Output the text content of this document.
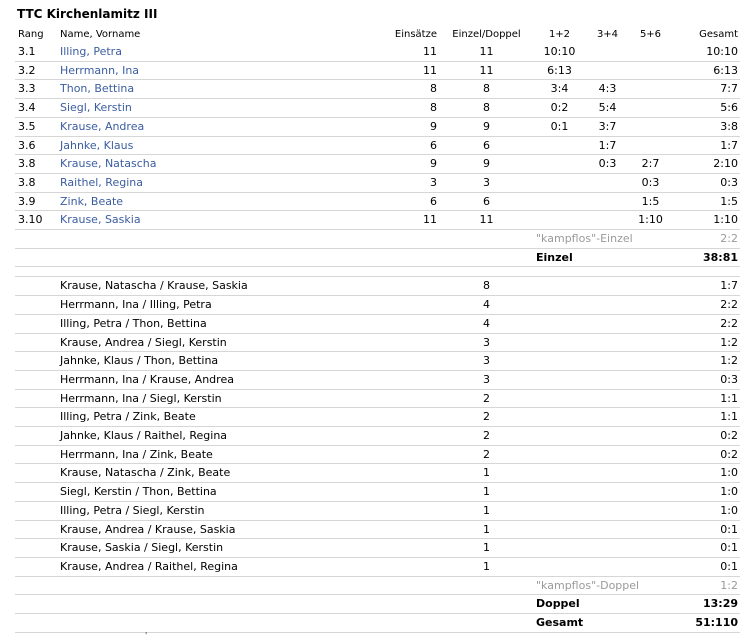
TTC Kirchenlamitz III
Rang	Name, Vorname	Einsätze	Einzel/Doppel	1+2	3+4	5+6	Gesamt
3.1	Illing, Petra	11	11	10:10			10:10
3.2	Herrmann, Ina	11	11	6:13			6:13
3.3	Thon, Bettina	8	8	3:4	4:3		7:7
3.4	Siegl, Kerstin	8	8	0:2	5:4		5:6
3.5	Krause, Andrea	9	9	0:1	3:7		3:8
3.6	Jahnke, Klaus	6	6		1:7		1:7
3.8	Krause, Natascha	9	9		0:3	2:7	2:10
3.8	Raithel, Regina	3	3			0:3	0:3
3.9	Zink, Beate	6	6			1:5	1:5
3.10	Krause, Saskia	11	11			1:10	1:10
				"kampflos"-Einzel			2:2
				Einzel			38:81

	Krause, Natascha / Krause, Saskia		8				1:7
	Herrmann, Ina / Illing, Petra		4				2:2
	Illing, Petra / Thon, Bettina		4				2:2
	Krause, Andrea / Siegl, Kerstin		3				1:2
	Jahnke, Klaus / Thon, Bettina		3				1:2
	Herrmann, Ina / Krause, Andrea		3				0:3
	Herrmann, Ina / Siegl, Kerstin		2				1:1
	Illing, Petra / Zink, Beate		2				1:1
	Jahnke, Klaus / Raithel, Regina		2				0:2
	Herrmann, Ina / Zink, Beate		2				0:2
	Krause, Natascha / Zink, Beate		1				1:0
	Siegl, Kerstin / Thon, Bettina		1				1:0
	Illing, Petra / Siegl, Kerstin		1				1:0
	Krause, Andrea / Krause, Saskia		1				0:1
	Krause, Saskia / Siegl, Kerstin		1				0:1
	Krause, Andrea / Raithel, Regina		1				0:1
				"kampflos"-Doppel			1:2
				Doppel			13:29
				Gesamt			51:110
'
